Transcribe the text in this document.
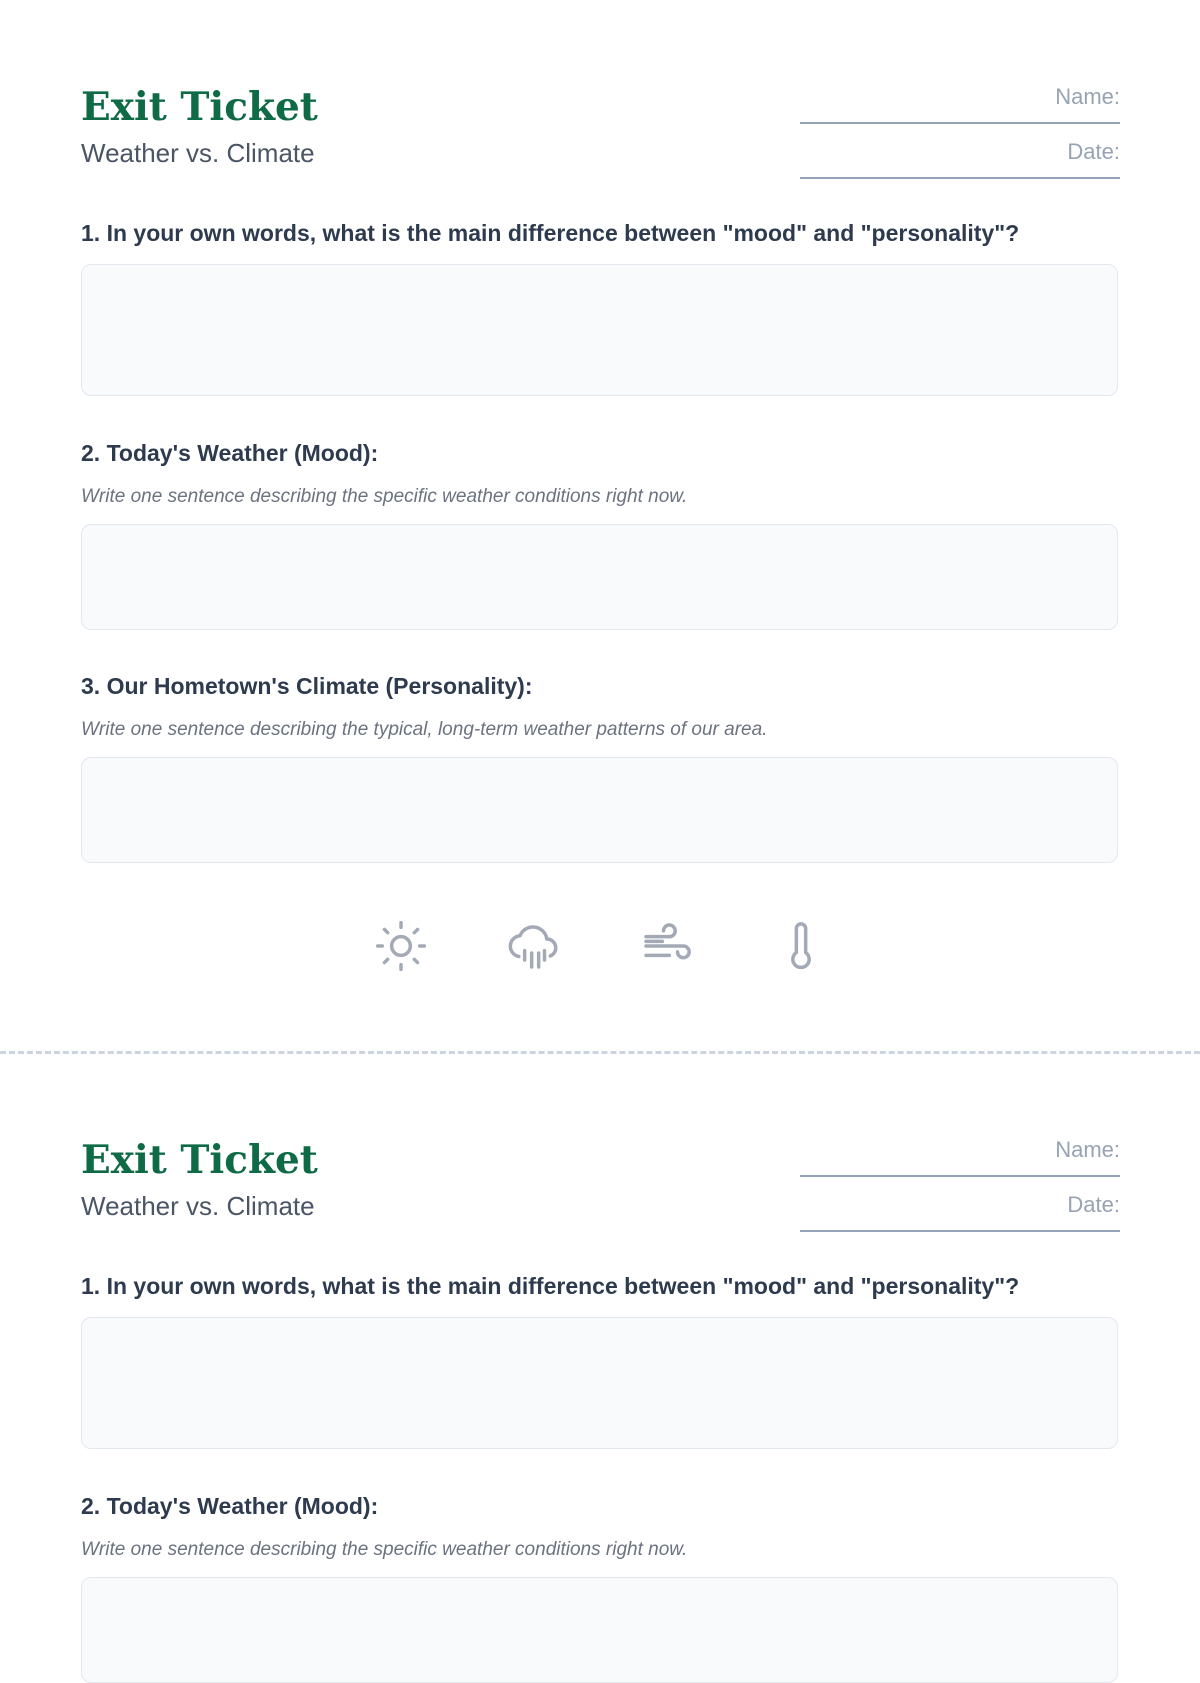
Exit Ticket
Weather vs. Climate
Name:
Date:

1. In your own words, what is the main difference between "mood" and "personality"?

2. Today's Weather (Mood):

Write one sentence describing the specific weather conditions right now.

3. Our Hometown's Climate (Personality):

Write one sentence describing the typical, long-term weather patterns of our area.

Exit Ticket
Weather vs. Climate
Name:
Date:

1. In your own words, what is the main difference between "mood" and "personality"?

2. Today's Weather (Mood):

Write one sentence describing the specific weather conditions right now.
